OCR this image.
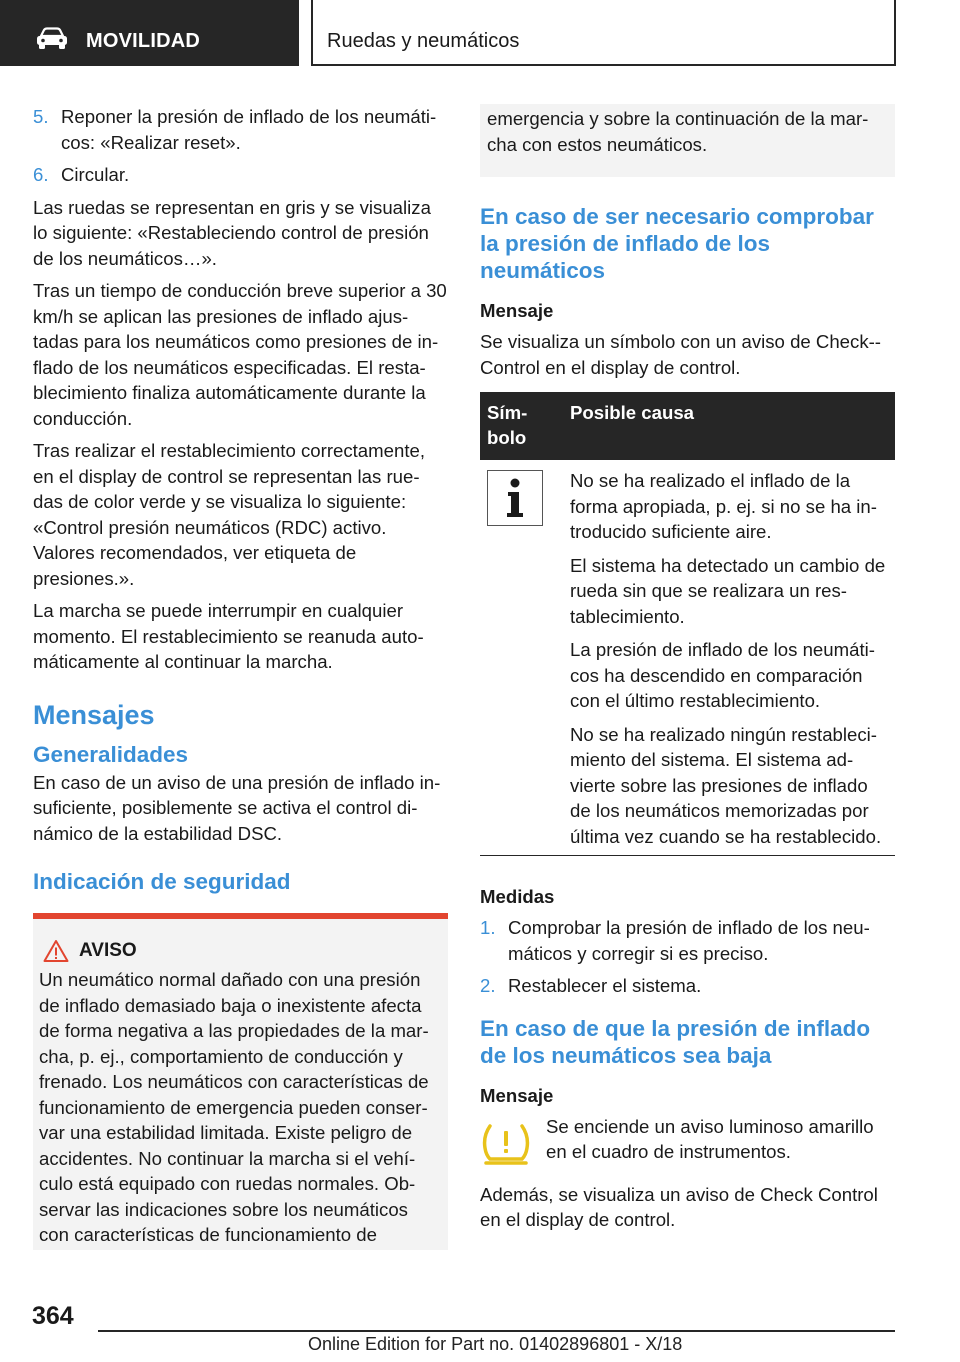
MOVILIDAD	Ruedas y neumáticos
5. Reponer la presión de inflado de los neumáti‐cos: «Realizar reset».
6. Circular.

Las ruedas se representan en gris y se visualiza lo siguiente: «Restableciendo control de presión de los neumáticos…».

Tras un tiempo de conducción breve superior a 30 km/h se aplican las presiones de inflado ajus‐tadas para los neumáticos como presiones de in‐flado de los neumáticos especificadas. El resta‐blecimiento finaliza automáticamente durante la conducción.

Tras realizar el restablecimiento correctamente, en el display de control se representan las rue‐das de color verde y se visualiza lo siguiente: «Control presión neumáticos (RDC) activo. Valores recomendados, ver etiqueta de presiones.».

La marcha se puede interrumpir en cualquier momento. El restablecimiento se reanuda auto‐máticamente al continuar la marcha.

Mensajes
Generalidades

En caso de un aviso de una presión de inflado in‐suficiente, posiblemente se activa el control di‐námico de la estabilidad DSC.

Indicación de seguridad
AVISO

Un neumático normal dañado con una presión de inflado demasiado baja o inexistente afecta de forma negativa a las propiedades de la mar‐cha, p. ej., comportamiento de conducción y frenado. Los neumáticos con características de funcionamiento de emergencia pueden conser‐var una estabilidad limitada. Existe peligro de accidentes. No continuar la marcha si el vehí‐culo está equipado con ruedas normales. Ob‐servar las indicaciones sobre los neumáticos con características de funcionamiento de

emergencia y sobre la continuación de la mar‐cha con estos neumáticos.

En caso de ser necesario comprobar la presión de inflado de los neumáticos
Mensaje

Se visualiza un símbolo con un aviso de Check‐-Control en el display de control.

Sím‐bolo	Posible causa

No se ha realizado el inflado de la forma apropiada, p. ej. si no se ha in‐troducido suficiente aire.

El sistema ha detectado un cambio de rueda sin que se realizara un res‐tablecimiento.

La presión de inflado de los neumáti‐cos ha descendido en comparación con el último restablecimiento.

No se ha realizado ningún restableci‐miento del sistema. El sistema ad‐vierte sobre las presiones de inflado de los neumáticos memorizadas por última vez cuando se ha restablecido.

Medidas
1. Comprobar la presión de inflado de los neu‐máticos y corregir si es preciso.
2. Restablecer el sistema.
En caso de que la presión de inflado de los neumáticos sea baja
Mensaje

Se enciende un aviso luminoso amarillo en el cuadro de instrumentos.

Además, se visualiza un aviso de Check Control en el display de control.

364
Online Edition for Part no. 01402896801 - X/18
